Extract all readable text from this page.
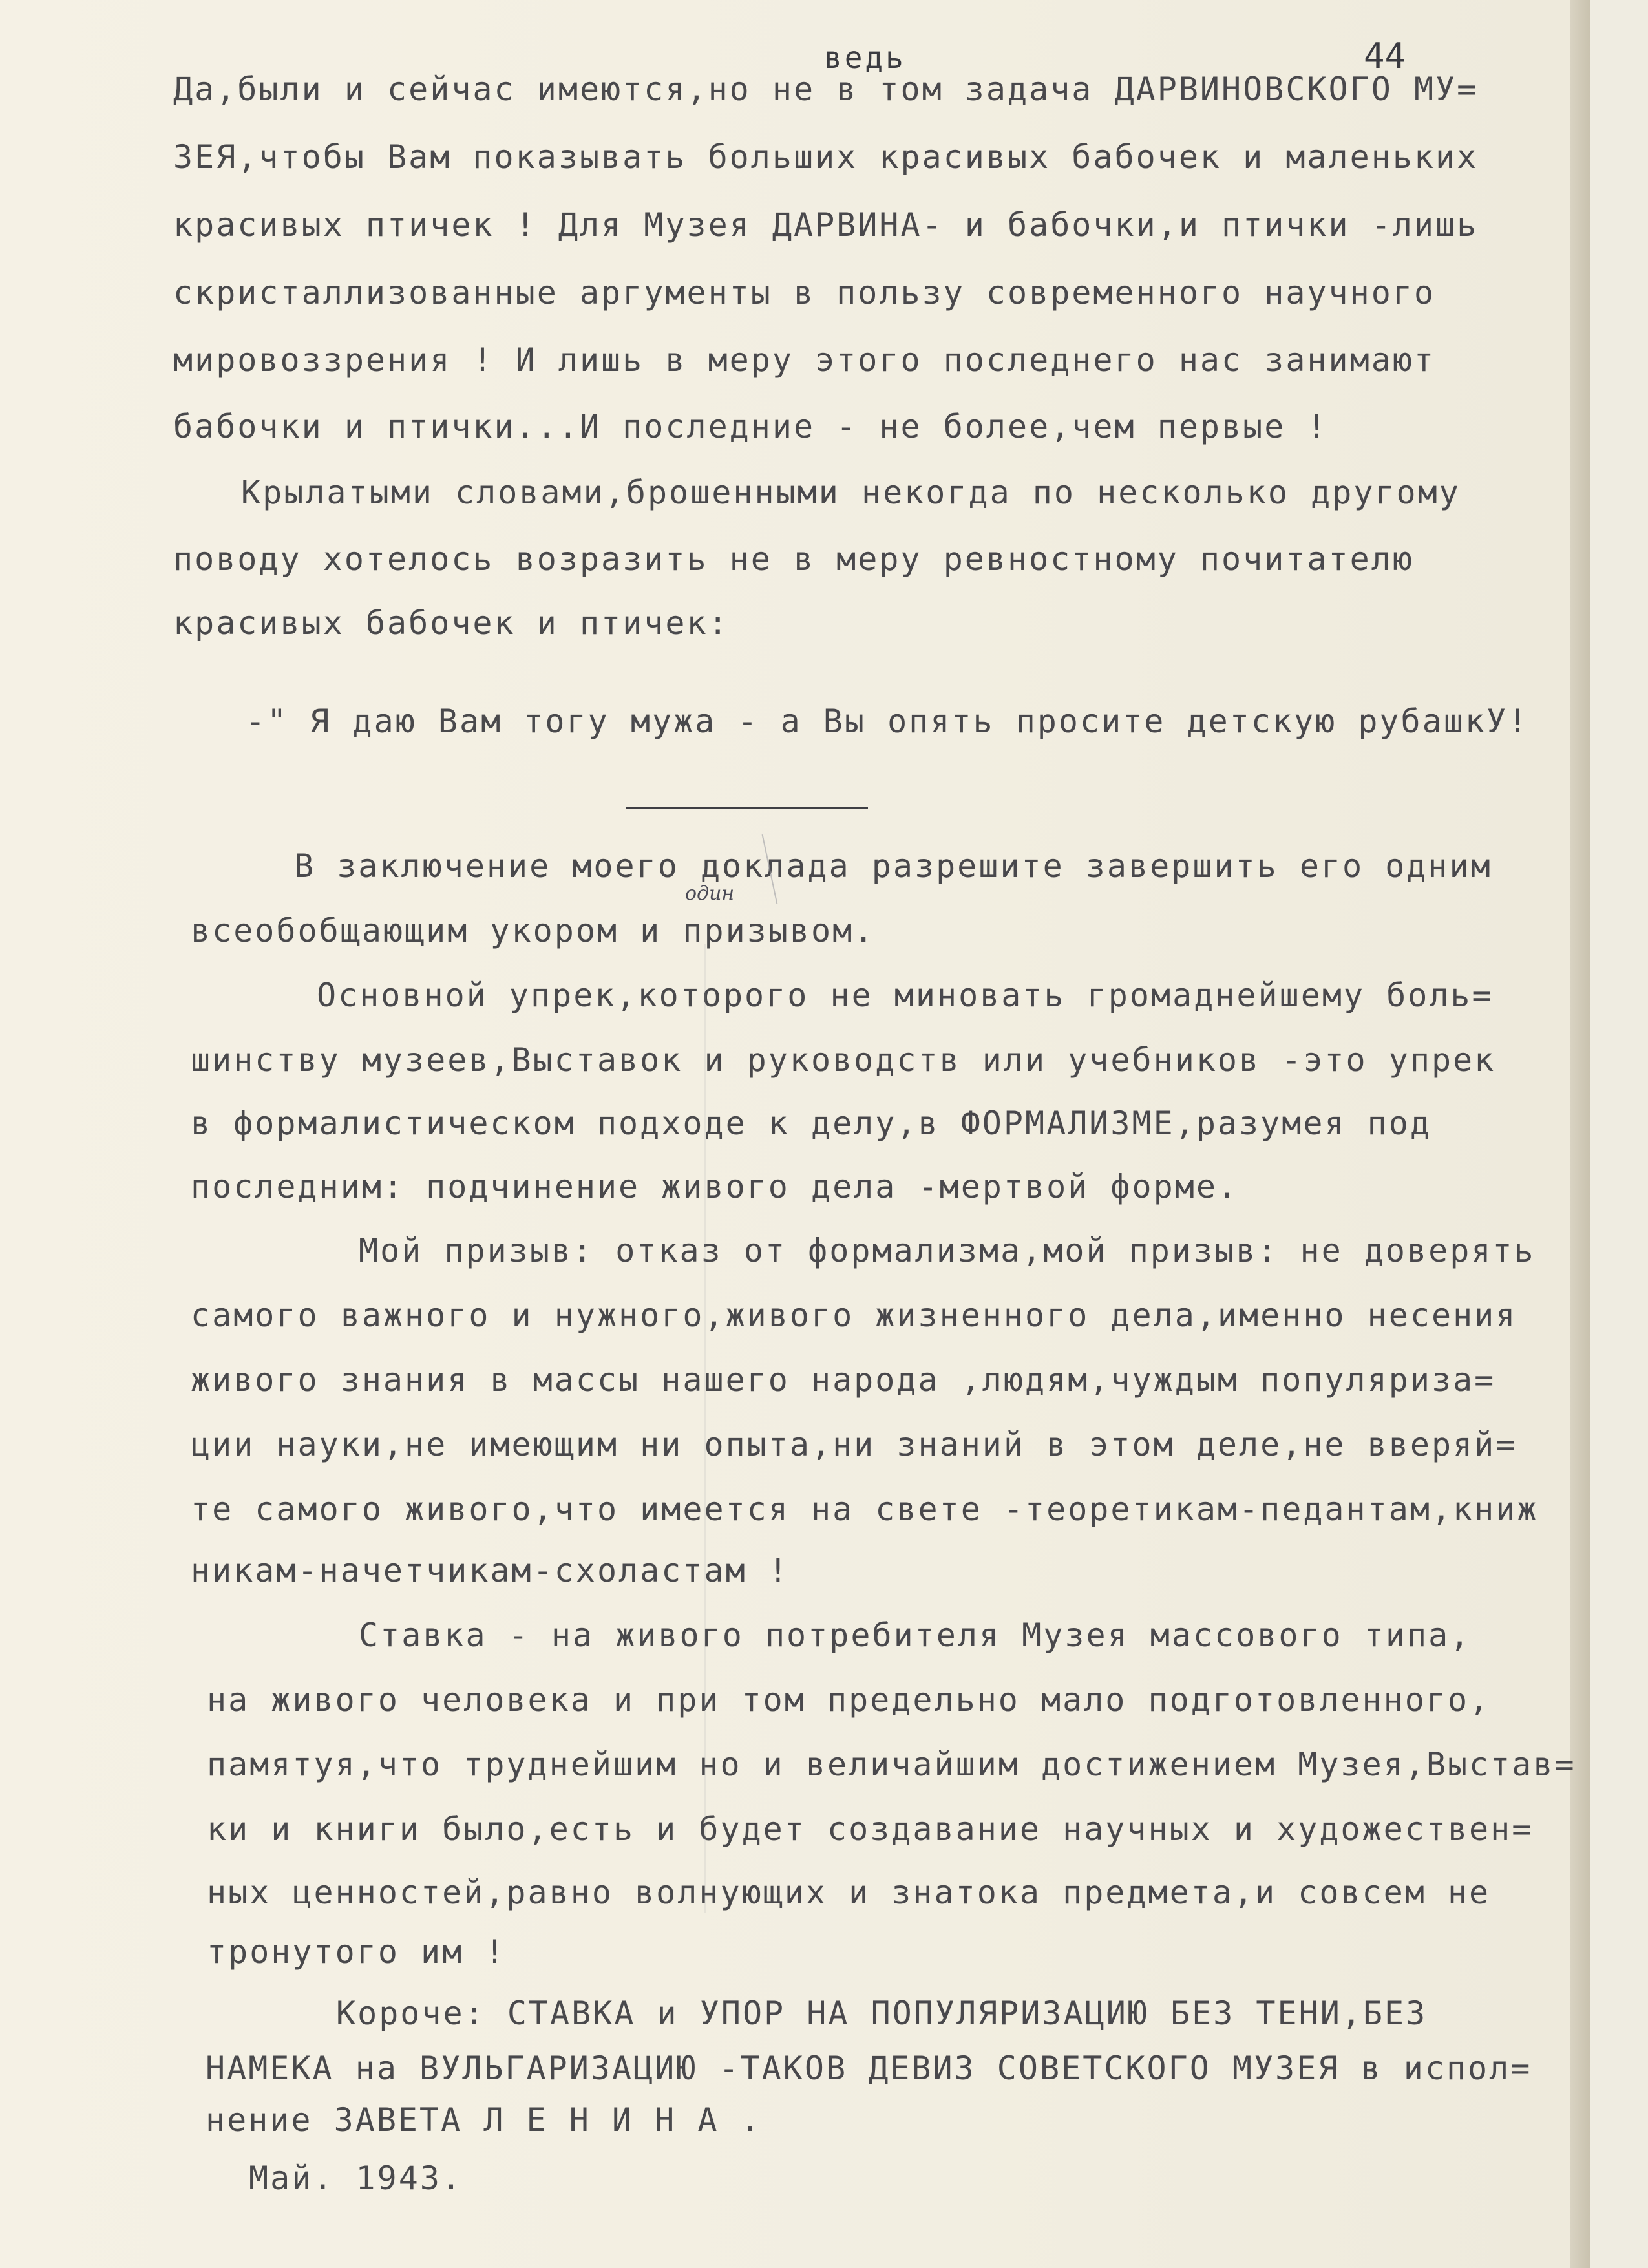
ведь	44
Да,были и сейчас имеются,но не в том задача ДАРВИНОВСКОГО МУ=
ЗЕЯ,чтобы Вам показывать больших красивых бабочек и маленьких
красивых птичек ! Для Музея ДАРВИНА- и бабочки,и птички -лишь
скристаллизованные аргументы в пользу современного научного
мировоззрения ! И лишь в меру этого последнего нас занимают
бабочки и птички...И последние - не более,чем первые !
Крылатыми словами,брошенными некогда по несколько другому
поводу хотелось возразить не в меру ревностному почитателю
красивых бабочек и птичек:
-" Я даю Вам тогу мужа - а Вы опять просите детскую рубашкУ!
В заключение моего доклада разрешите завершить его одним
один
всеобобщающим укором и призывом.
Основной упрек,которого не миновать громаднейшему боль=
шинству музеев,Выставок и руководств или учебников -это упрек
в формалистическом подходе к делу,в ФОРМАЛИЗМЕ,разумея под
последним: подчинение живого дела -мертвой форме.
Мой призыв: отказ от формализма,мой призыв: не доверять
самого важного и нужного,живого жизненного дела,именно несения
живого знания в массы нашего народа ,людям,чуждым популяриза=
ции науки,не имеющим ни опыта,ни знаний в этом деле,не вверяй=
те самого живого,что имеется на свете -теоретикам-педантам,книж
никам-начетчикам-схоластам !
Ставка - на живого потребителя Музея массового типа,
на живого человека и при том предельно мало подготовленного,
памятуя,что труднейшим но и величайшим достижением Музея,Выстав=
ки и книги было,есть и будет создавание научных и художествен=
ных ценностей,равно волнующих и знатока предмета,и совсем не
тронутого им !
Короче: СТАВКА и УПОР НА ПОПУЛЯРИЗАЦИЮ БЕЗ ТЕНИ,БЕЗ
НАМЕКА на ВУЛЬГАРИЗАЦИЮ -ТАКОВ ДЕВИЗ СОВЕТСКОГО МУЗЕЯ в испол=
нение ЗАВЕТА Л Е Н И Н А .
Май. 1943.
